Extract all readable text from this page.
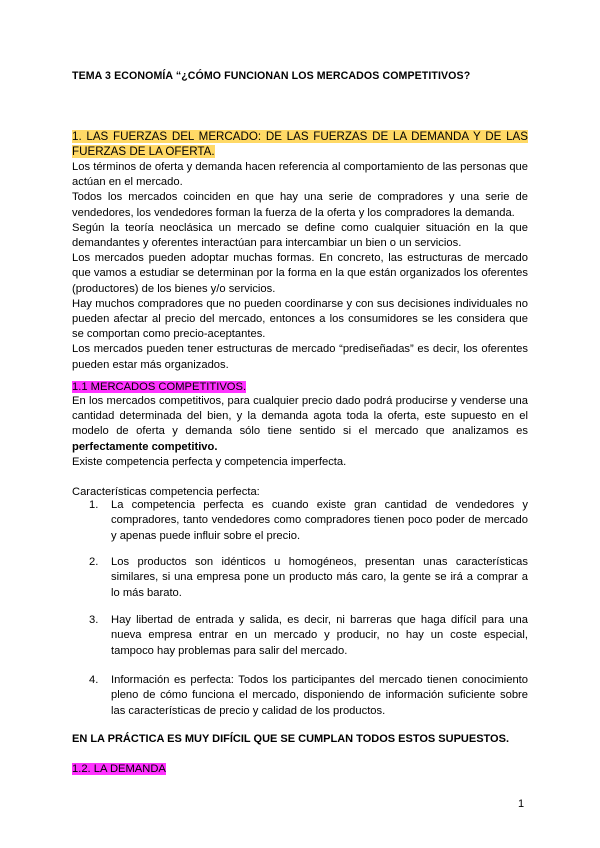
TEMA 3 ECONOMÍA “¿CÓMO FUNCIONAN LOS MERCADOS COMPETITIVOS?
1. LAS FUERZAS DEL MERCADO: DE LAS FUERZAS DE LA DEMANDA Y DE LAS FUERZAS DE LA OFERTA.

Los términos de oferta y demanda hacen referencia al comportamiento de las personas que actúan en el mercado.

Todos los mercados coinciden en que hay una serie de compradores y una serie de vendedores, los vendedores forman la fuerza de la oferta y los compradores la demanda.

Según la teoría neoclásica un mercado se define como cualquier situación en la que demandantes y oferentes interactúan para intercambiar un bien o un servicios.

Los mercados pueden adoptar muchas formas. En concreto, las estructuras de mercado que vamos a estudiar se determinan por la forma en la que están organizados los oferentes (productores) de los bienes y/o servicios.

Hay muchos compradores que no pueden coordinarse y con sus decisiones individuales no pueden afectar al precio del mercado, entonces a los consumidores se les considera que se comportan como precio-aceptantes.

Los mercados pueden tener estructuras de mercado “prediseñadas” es decir, los oferentes pueden estar más organizados.

1.1 MERCADOS COMPETITIVOS.

En los mercados competitivos, para cualquier precio dado podrá producirse y venderse una cantidad determinada del bien, y la demanda agota toda la oferta, este supuesto en el modelo de oferta y demanda sólo tiene sentido si el mercado que analizamos es perfectamente competitivo.

Existe competencia perfecta y competencia imperfecta.

Características competencia perfecta:
1. La competencia perfecta es cuando existe gran cantidad de vendedores y compradores, tanto vendedores como compradores tienen poco poder de mercado y apenas puede influir sobre el precio.
2. Los productos son idénticos u homogéneos, presentan unas características similares, si una empresa pone un producto más caro, la gente se irá a comprar a lo más barato.
3. Hay libertad de entrada y salida, es decir, ni barreras que haga difícil para una nueva empresa entrar en un mercado y producir, no hay un coste especial, tampoco hay problemas para salir del mercado.
4. Información es perfecta: Todos los participantes del mercado tienen conocimiento pleno de cómo funciona el mercado, disponiendo de información suficiente sobre las características de precio y calidad de los productos.
EN LA PRÁCTICA ES MUY DIFÍCIL QUE SE CUMPLAN TODOS ESTOS SUPUESTOS.
1.2. LA DEMANDA
1
